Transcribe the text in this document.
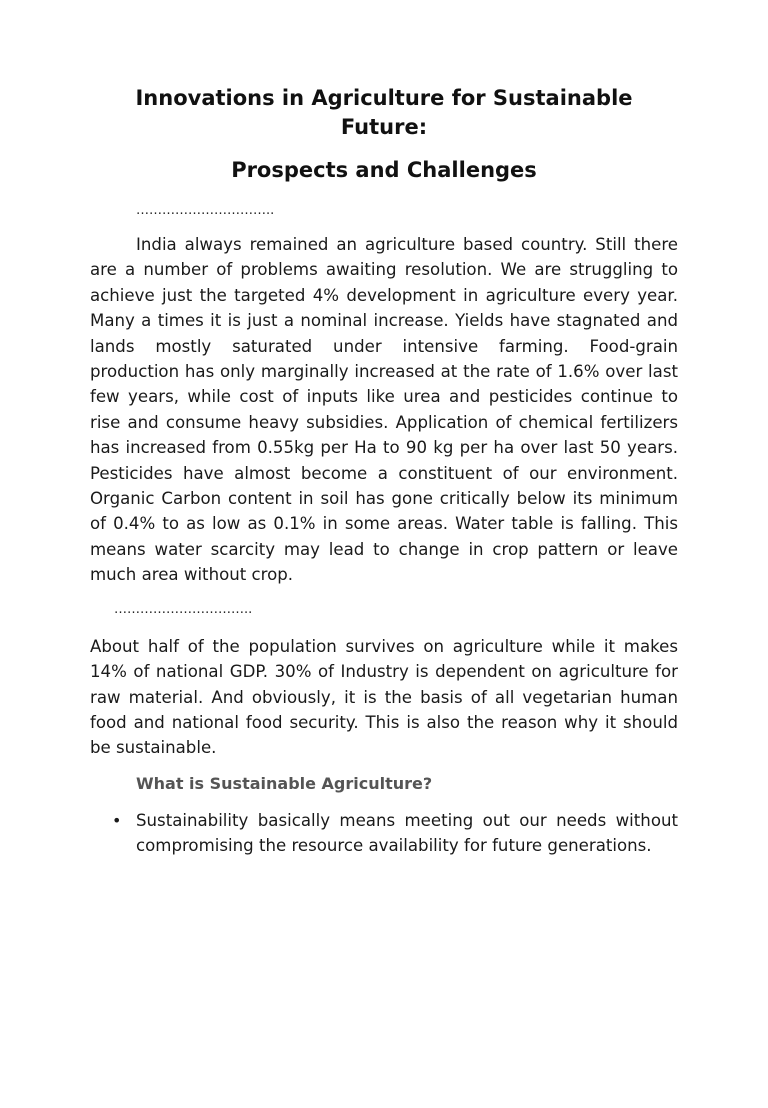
Innovations in Agriculture for Sustainable Future:
Prospects and Challenges
…………………………..

India always remained an agriculture based country. Still there are a number of problems awaiting resolution. We are struggling to achieve just the targeted 4% development in agriculture every year. Many a times it is just a nominal increase. Yields have stagnated and lands mostly saturated under intensive farming. Food-grain production has only marginally increased at the rate of 1.6% over last few years, while cost of inputs like urea and pesticides continue to rise and consume heavy subsidies. Application of chemical fertilizers has increased from 0.55kg per Ha to 90 kg per ha over last 50 years. Pesticides have almost become a constituent of our environment. Organic Carbon content in soil has gone critically below its minimum of 0.4% to as low as 0.1% in some areas. Water table is falling. This means water scarcity may lead to change in crop pattern or leave much area without crop.

…………………………..

About half of the population survives on agriculture while it makes 14% of national GDP. 30% of Industry is dependent on agriculture for raw material. And obviously, it is the basis of all vegetarian human food and national food security. This is also the reason why it should be sustainable.

What is Sustainable Agriculture?
• Sustainability basically means meeting out our needs without compromising the resource availability for future generations.
